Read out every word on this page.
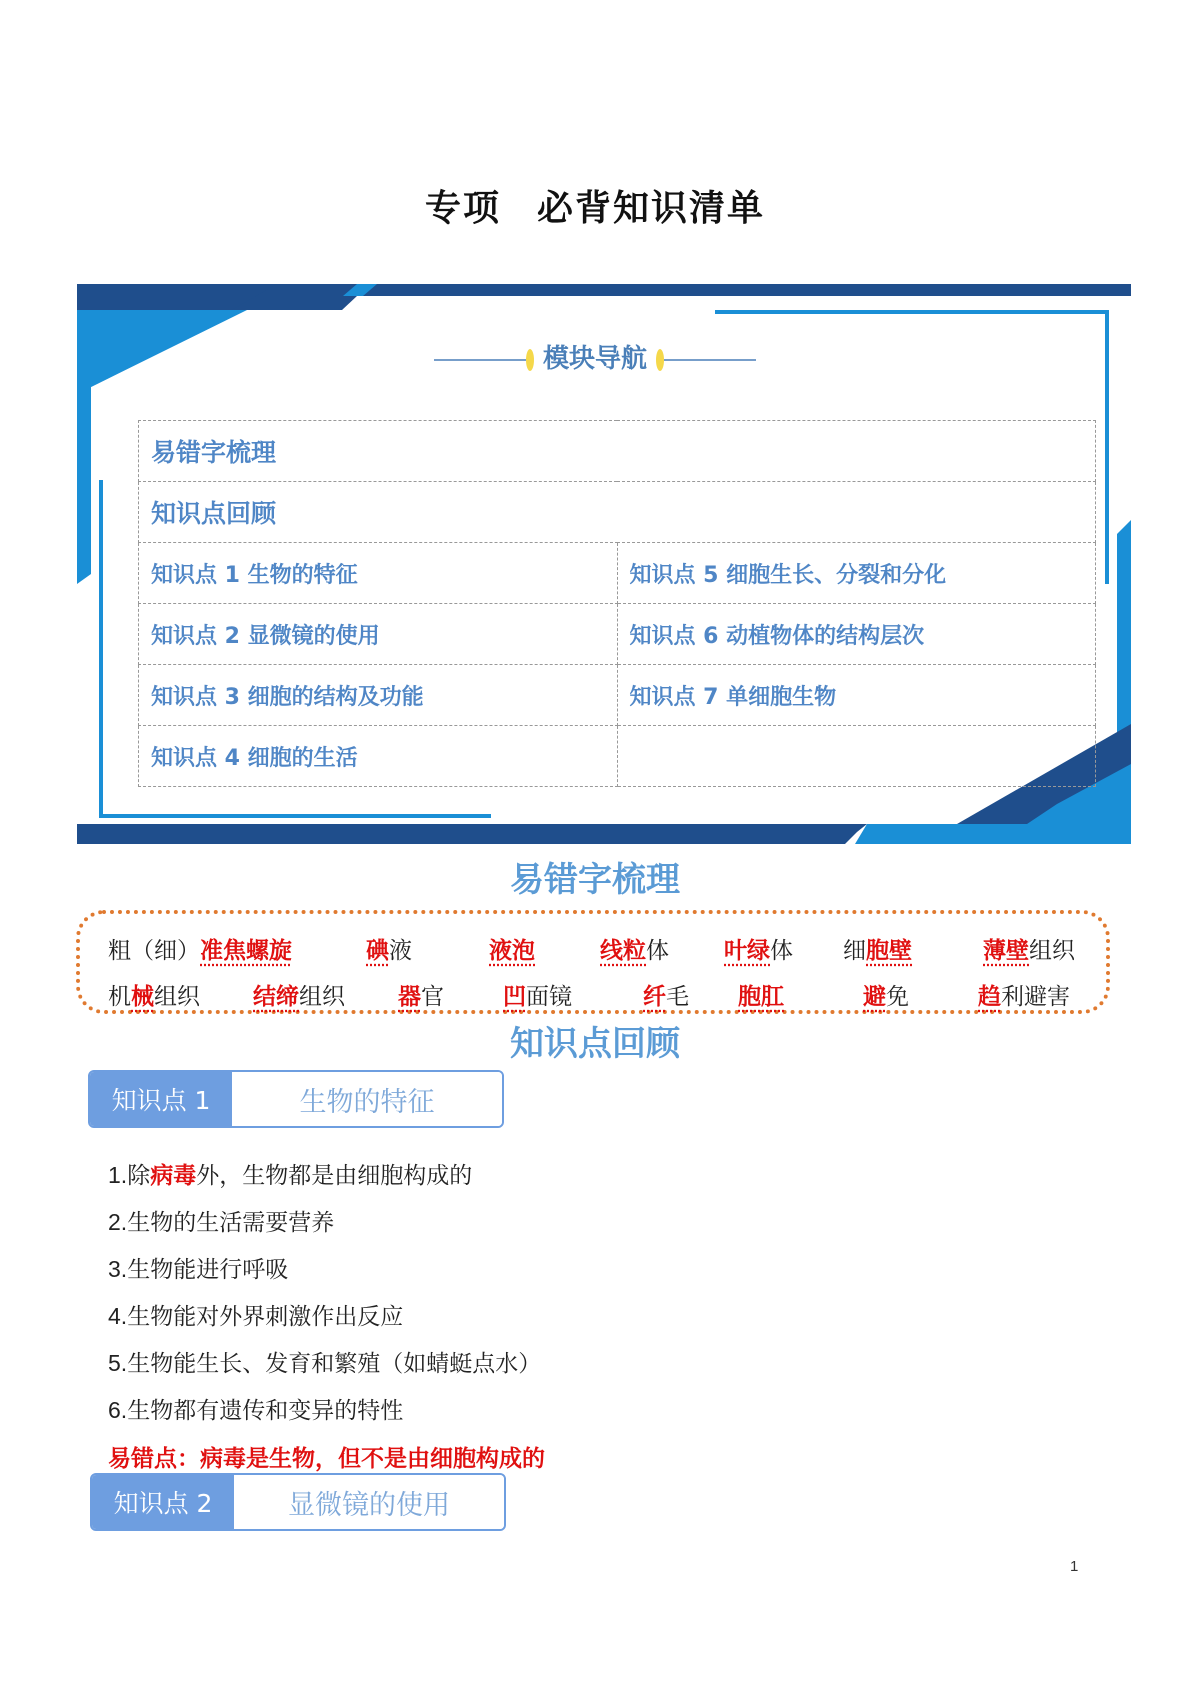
专项 必背知识清单
模块导航
易错字梳理	
知识点回顾	
知识点 1 生物的特征	知识点 5 细胞生长、分裂和分化
知识点 2 显微镜的使用	知识点 6 动植物体的结构层次
知识点 3 细胞的结构及功能	知识点 7 单细胞生物
知识点 4 细胞的生活	
易错字梳理
粗（细）准焦螺旋	碘液	液泡	线粒体 叶绿体 细胞壁	薄壁组织
机械组织 结缔组织 器官	凹面镜	纤毛 胞肛	避免	趋利避害
知识点回顾
知识点 1	生物的特征
1.除病毒外，生物都是由细胞构成的
2.生物的生活需要营养
3.生物能进行呼吸
4.生物能对外界刺激作出反应
5.生物能生长、发育和繁殖（如蜻蜓点水）
6.生物都有遗传和变异的特性
易错点：病毒是生物，但不是由细胞构成的
知识点 2	显微镜的使用
1
